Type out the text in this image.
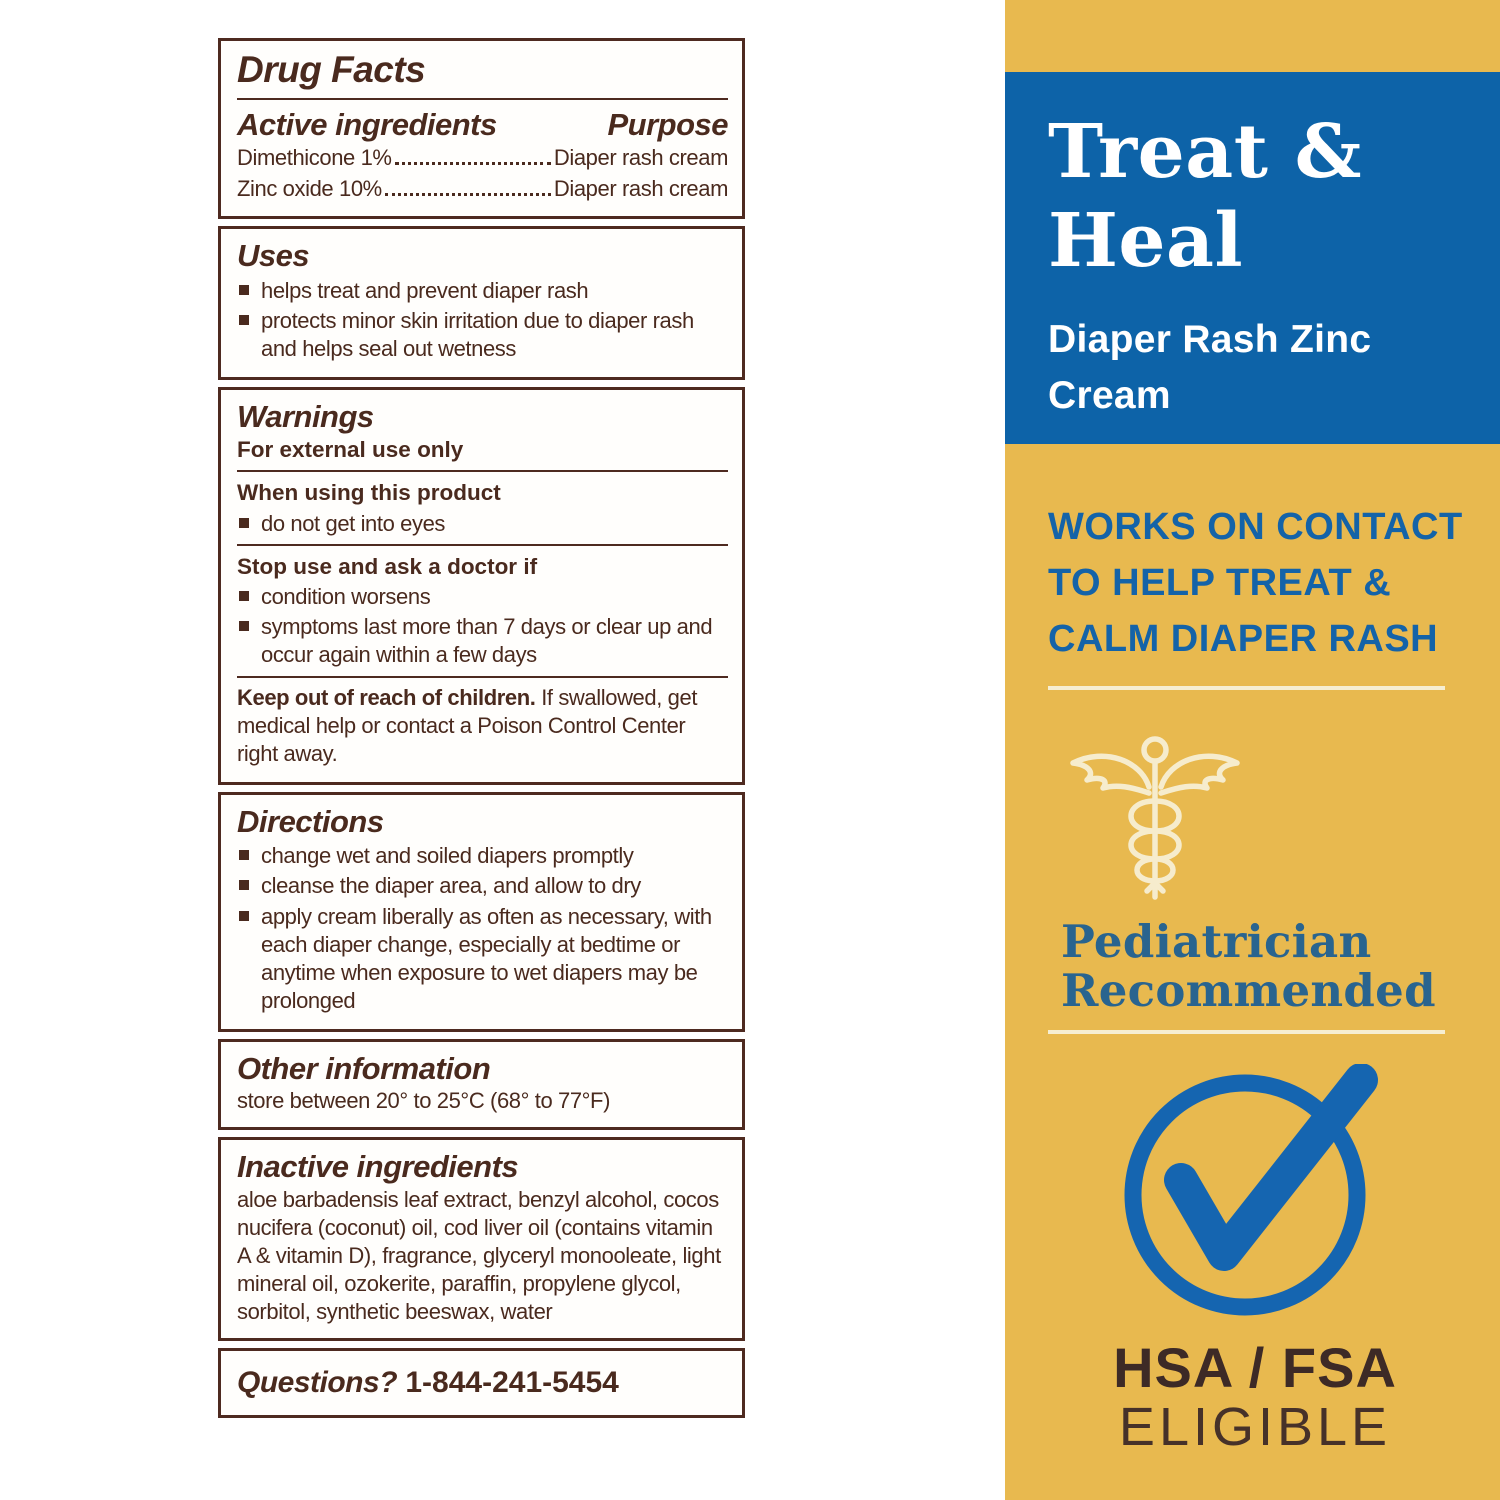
Drug Facts
Active ingredients	Purpose
Dimethicone 1%	Diaper rash cream
Zinc oxide 10%	Diaper rash cream
Uses
helps treat and prevent diaper rash
protects minor skin irritation due to diaper rash and helps seal out wetness
Warnings
For external use only
When using this product
do not get into eyes
Stop use and ask a doctor if
condition worsens
symptoms last more than 7 days or clear up and occur again within a few days

Keep out of reach of children. If swallowed, get medical help or contact a Poison Control Center right away.

Directions
change wet and soiled diapers promptly
cleanse the diaper area, and allow to dry
apply cream liberally as often as necessary, with each diaper change, especially at bedtime or anytime when exposure to wet diapers may be prolonged
Other information
store between 20° to 25°C (68° to 77°F)
Inactive ingredients
aloe barbadensis leaf extract, benzyl alcohol, cocos nucifera (coconut) oil, cod liver oil (contains vitamin A & vitamin D), fragrance, glyceryl monooleate, light mineral oil, ozokerite, paraffin, propylene glycol, sorbitol, synthetic beeswax, water
Questions? 1-844-241-5454
Treat &
Heal
Diaper Rash Zinc
Cream
WORKS ON CONTACT
TO HELP TREAT &
CALM DIAPER RASH
Pediatrician
Recommended
HSA / FSA
ELIGIBLE
